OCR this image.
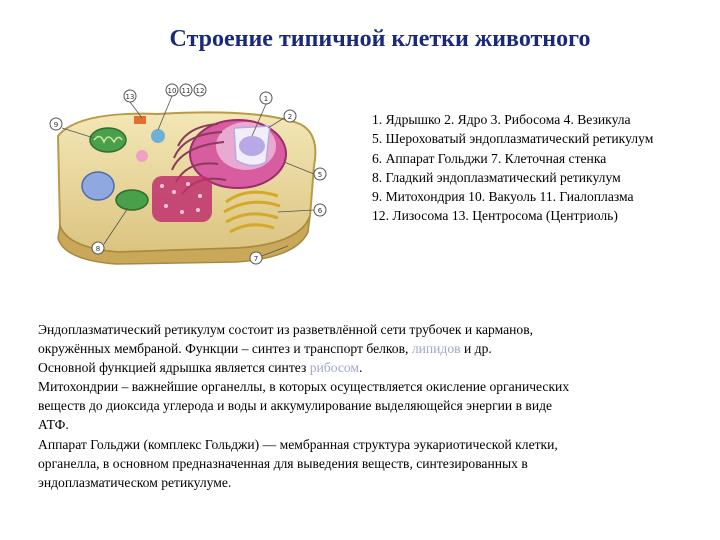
Строение типичной клетки животного
13
10 11 12
1
2
9
5
6
7
8
1. Ядрышко 2. Ядро 3. Рибосома 4. Везикула
5. Шероховатый эндоплазматический ретикулум
6. Аппарат Гольджи 7. Клеточная стенка
8. Гладкий эндоплазматический ретикулум
9. Митохондрия 10. Вакуоль 11. Гиалоплазма
12. Лизосома 13. Центросома (Центриоль)
Эндоплазматический ретикулум состоит из разветвлённой сети трубочек и карманов,
окружённых мембраной. Функции – синтез и транспорт белков, липидов и др.
Основной функцией ядрышка является синтез рибосом.
Митохондрии – важнейшие органеллы, в которых осуществляется окисление органических
веществ до диоксида углерода и воды и аккумулирование выделяющейся энергии в виде
АТФ.
Аппарат Гольджи (комплекс Гольджи) — мембранная структура эукариотической клетки,
органелла, в основном предназначенная для выведения веществ, синтезированных в
эндоплазматическом ретикулуме.
